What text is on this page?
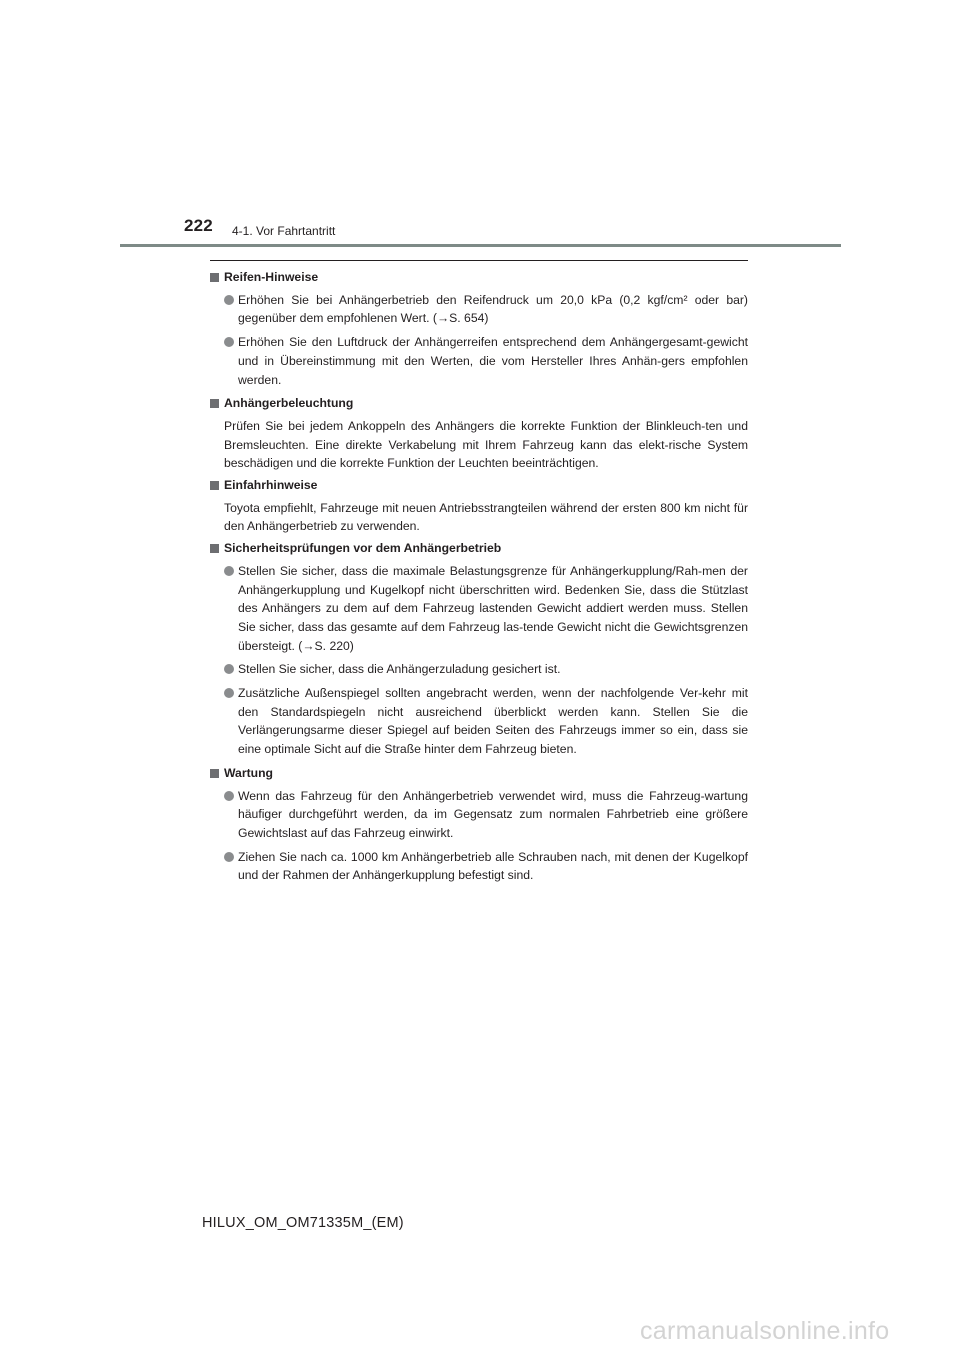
222 4-1. Vor Fahrtantritt
Reifen-Hinweise
Erhöhen Sie bei Anhängerbetrieb den Reifendruck um 20,0 kPa (0,2 kgf/cm² oder bar) gegenüber dem empfohlenen Wert. (→S. 654)
Erhöhen Sie den Luftdruck der Anhängerreifen entsprechend dem Anhängergesamt-gewicht und in Übereinstimmung mit den Werten, die vom Hersteller Ihres Anhän-gers empfohlen werden.
Anhängerbeleuchtung
Prüfen Sie bei jedem Ankoppeln des Anhängers die korrekte Funktion der Blinkleuch-ten und Bremsleuchten. Eine direkte Verkabelung mit Ihrem Fahrzeug kann das elekt-rische System beschädigen und die korrekte Funktion der Leuchten beeinträchtigen.
Einfahrhinweise
Toyota empfiehlt, Fahrzeuge mit neuen Antriebsstrangteilen während der ersten 800 km nicht für den Anhängerbetrieb zu verwenden.
Sicherheitsprüfungen vor dem Anhängerbetrieb
Stellen Sie sicher, dass die maximale Belastungsgrenze für Anhängerkupplung/Rah-men der Anhängerkupplung und Kugelkopf nicht überschritten wird. Bedenken Sie, dass die Stützlast des Anhängers zu dem auf dem Fahrzeug lastenden Gewicht addiert werden muss. Stellen Sie sicher, dass das gesamte auf dem Fahrzeug las-tende Gewicht nicht die Gewichtsgrenzen übersteigt. (→S. 220)
Stellen Sie sicher, dass die Anhängerzuladung gesichert ist.
Zusätzliche Außenspiegel sollten angebracht werden, wenn der nachfolgende Ver-kehr mit den Standardspiegeln nicht ausreichend überblickt werden kann. Stellen Sie die Verlängerungsarme dieser Spiegel auf beiden Seiten des Fahrzeugs immer so ein, dass sie eine optimale Sicht auf die Straße hinter dem Fahrzeug bieten.
Wartung
Wenn das Fahrzeug für den Anhängerbetrieb verwendet wird, muss die Fahrzeug-wartung häufiger durchgeführt werden, da im Gegensatz zum normalen Fahrbetrieb eine größere Gewichtslast auf das Fahrzeug einwirkt.
Ziehen Sie nach ca. 1000 km Anhängerbetrieb alle Schrauben nach, mit denen der Kugelkopf und der Rahmen der Anhängerkupplung befestigt sind.
HILUX_OM_OM71335M_(EM)
carmanualsonline.info
